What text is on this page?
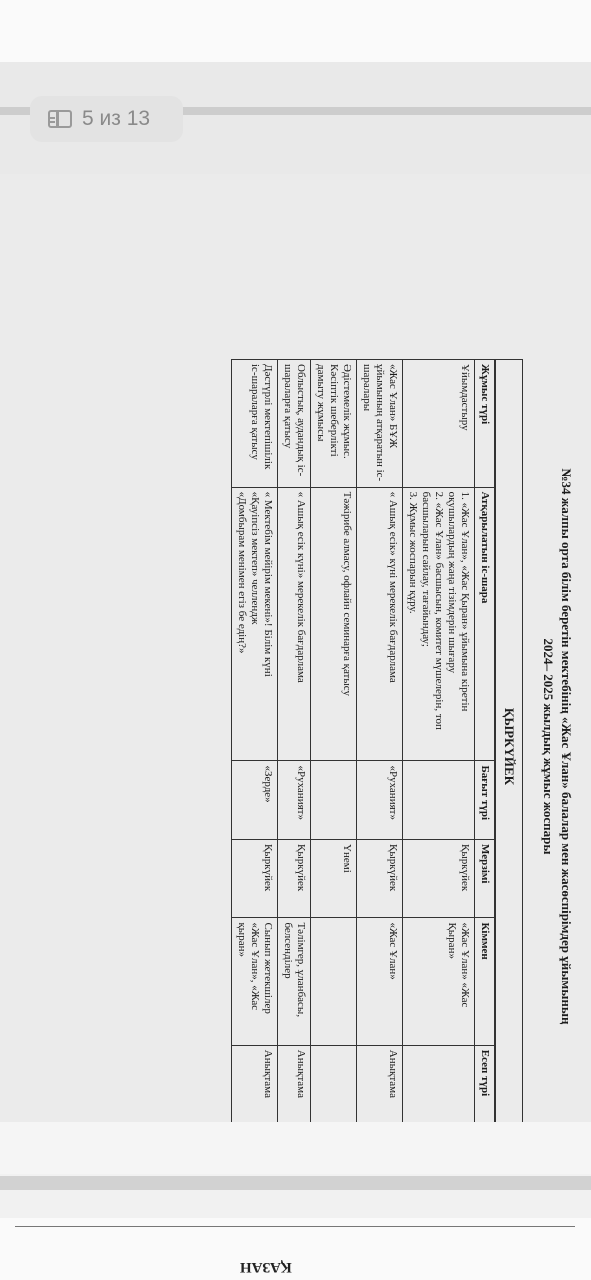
5 из 13
№34 жалпы орта білім беретін мектебінің «Жас Ұлан» балалар мен жасөспірімдер ұйымының
2024– 2025 жылдық жұмыс жоспары
ҚЫРКҮЙЕК
Жұмыс түрі	Атқарылатын іс-шара	Бағыт түрі	Мерзімі	Кіммен	Есеп түрі
Ұйымдастыру	1. «Жас Ұлан», «Жас Қыран» ұйымына кіретін оқушылардың жаңа тізімдерін шығару
2. «Жас Ұлан» басшысын, комитет мүшелерін, топ басшыларын сайлау, тағайындау;
3. Жұмыс жоспарын құру.		Қыркүйек	«Жас Ұлан» «Жас Қыран»	
«Жас Ұлан» БҰЖ ұйымының атқаратын іс-шаралары	« Ашық есік» күні мерекелік бағдарлама	«Руханият»	Қыркүйек	«Жас Ұлан»	Анықтама
Әдістемелік жұмыс. Кәсіптік шеберлікті дамыту жұмысы	Тәжірибе алмасу, офлайн семинарға қатысу		Үнемі		
Облыстық, аудандық іс-шараларға қатысу	« Ашық есік күні» мерекелік бағдарлама	«Руханият»	Қыркүйек	Тәлімгер, ұланбасы, белсенділер	Анықтама
Дәстүрлі мектепішілік іс-шараларға қатысу	« Мектебім мейірім мекені»! Білім күні
«Қауіпсіз мектеп» челлендж
«Домбырам менімен егіз бе едің?»	«Зерде»	Қыркүйек	Сынып жетекшілер «Жас Ұлан», «Жас қыран»	Анықтама
ҚАЗАН
